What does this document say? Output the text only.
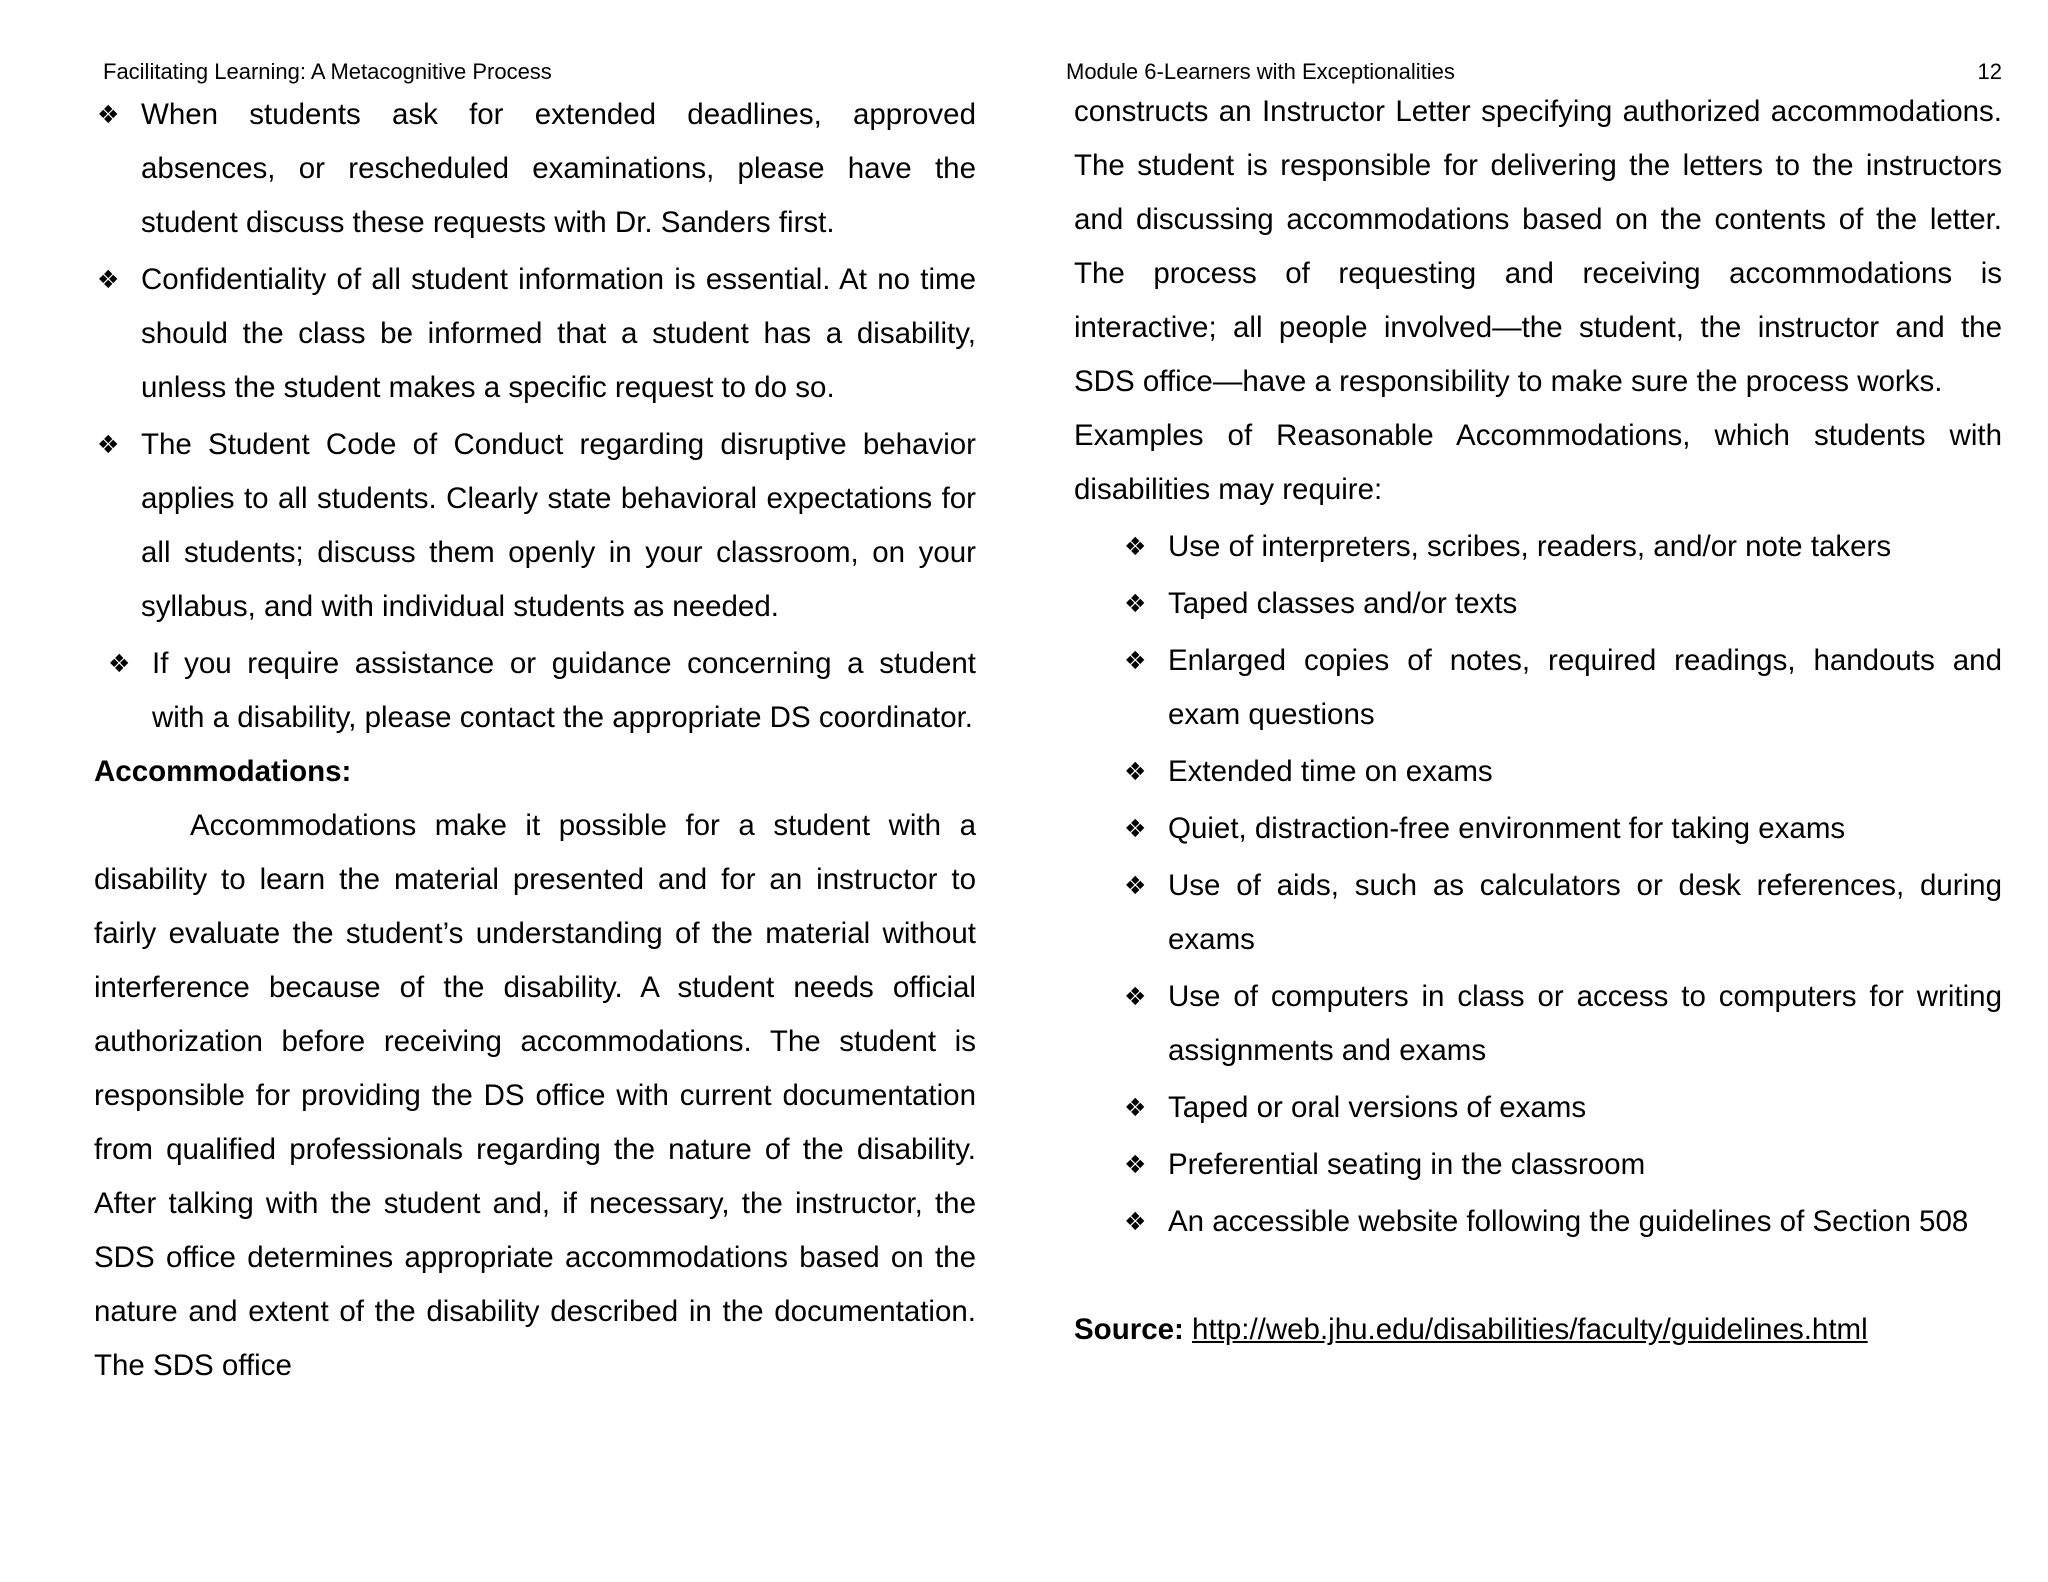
Facilitating Learning: A Metacognitive Process
❖ When students ask for extended deadlines, approved absences, or rescheduled examinations, please have the student discuss these requests with Dr. Sanders first.
❖ Confidentiality of all student information is essential. At no time should the class be informed that a student has a disability, unless the student makes a specific request to do so.
❖ The Student Code of Conduct regarding disruptive behavior applies to all students. Clearly state behavioral expectations for all students; discuss them openly in your classroom, on your syllabus, and with individual students as needed.
❖ If you require assistance or guidance concerning a student with a disability, please contact the appropriate DS coordinator.
Accommodations:
Accommodations make it possible for a student with a disability to learn the material presented and for an instructor to fairly evaluate the student’s understanding of the material without interference because of the disability. A student needs official authorization before receiving accommodations. The student is responsible for providing the DS office with current documentation from qualified professionals regarding the nature of the disability. After talking with the student and, if necessary, the instructor, the SDS office determines appropriate accommodations based on the nature and extent of the disability described in the documentation. The SDS office
Module 6-Learners with Exceptionalities	12
constructs an Instructor Letter specifying authorized accommodations. The student is responsible for delivering the letters to the instructors and discussing accommodations based on the contents of the letter. The process of requesting and receiving accommodations is interactive; all people involved—the student, the instructor and the SDS office—have a responsibility to make sure the process works.
Examples of Reasonable Accommodations, which students with disabilities may require:
❖ Use of interpreters, scribes, readers, and/or note takers
❖ Taped classes and/or texts
❖ Enlarged copies of notes, required readings, handouts and exam questions
❖ Extended time on exams
❖ Quiet, distraction-free environment for taking exams
❖ Use of aids, such as calculators or desk references, during exams
❖ Use of computers in class or access to computers for writing assignments and exams
❖ Taped or oral versions of exams
❖ Preferential seating in the classroom
❖ An accessible website following the guidelines of Section 508
Source: http://web.jhu.edu/disabilities/faculty/guidelines.html
